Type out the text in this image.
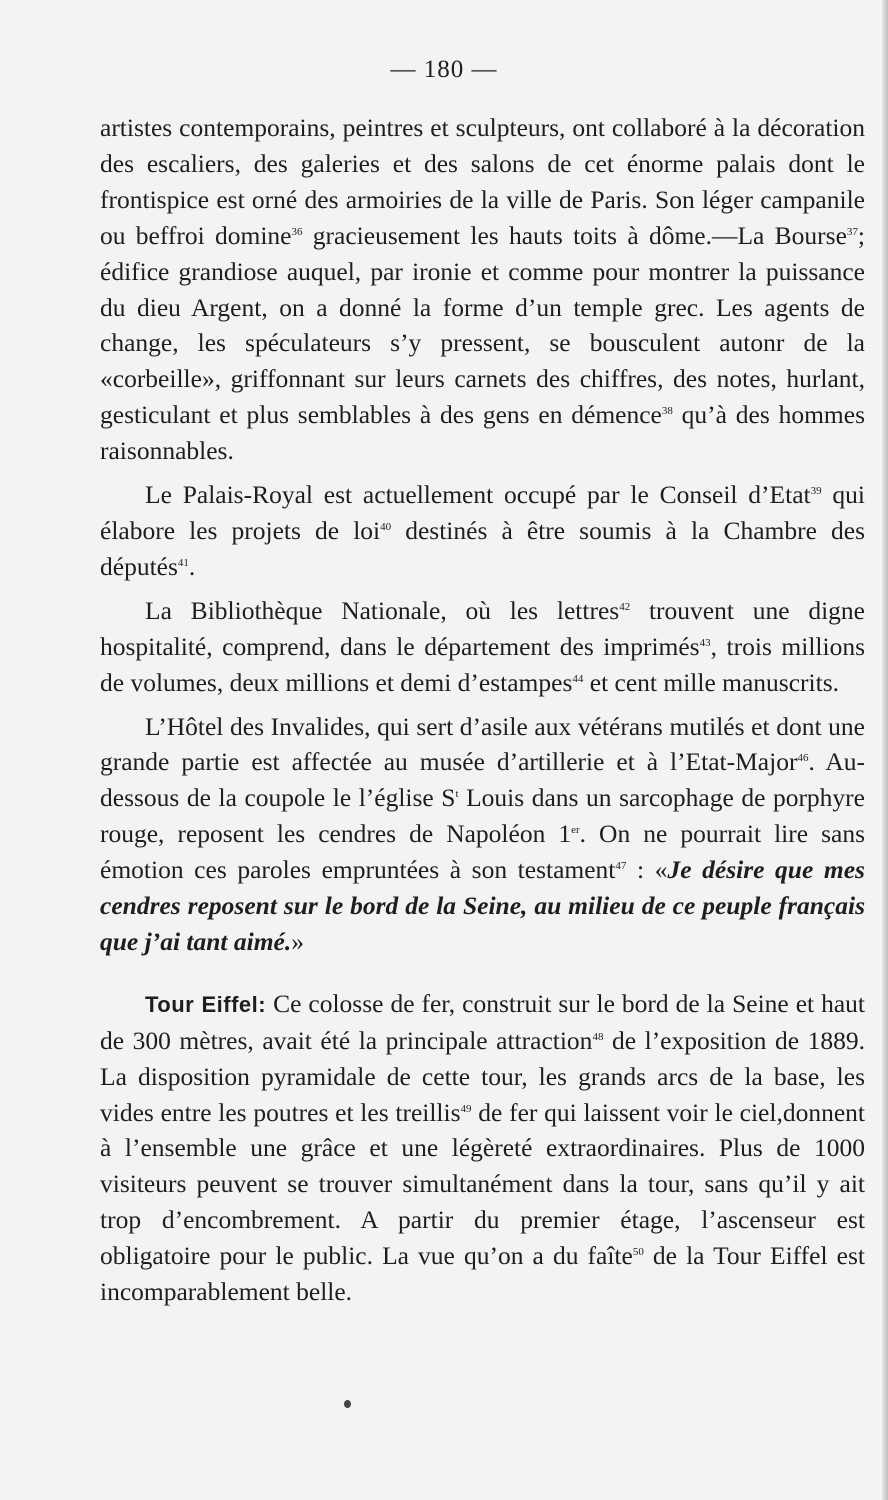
— 180 —

artistes contemporains, peintres et sculpteurs, ont collaboré à la décoration des escaliers, des galeries et des salons de cet énorme palais dont le frontispice est orné des armoiries de la ville de Paris. Son léger campanile ou beffroi domine$^{36}$ gracieusement les hauts toits à dôme.—La Bourse$^{37}$; édifice grandiose auquel, par ironie et comme pour montrer la puissance du dieu Argent, on a donné la forme d’un temple grec. Les agents de change, les spéculateurs s’y pressent, se bousculent autonr de la «corbeille», griffonnant sur leurs carnets des chiffres, des notes, hurlant, gesticulant et plus semblables à des gens en démence$^{38}$ qu’à des hommes raisonnables.

Le Palais-Royal est actuellement occupé par le Conseil d’Etat$^{39}$ qui élabore les projets de loi$^{40}$ destinés à être soumis à la Chambre des députés$^{41}$.

La Bibliothèque Nationale, où les lettres$^{42}$ trouvent une digne hospitalité, comprend, dans le département des imprimés$^{43}$, trois millions de volumes, deux millions et demi d’estampes$^{44}$ et cent mille manuscrits.

L’Hôtel des Invalides, qui sert d’asile aux vétérans mutilés et dont une grande partie est affectée au musée d’artillerie et à l’Etat-Major$^{46}$. Au-dessous de la coupole le l’église $S^t$ Louis dans un sarcophage de porphyre rouge, reposent les cendres de Napoléon 1er. On ne pourrait lire sans émotion ces paroles empruntées à son testament$^{47}$ : «Je désire que mes cendres reposent sur le bord de la Seine, au milieu de ce peuple français que j’ai tant aimé.»

Tour Eiffel: Ce colosse de fer, construit sur le bord de la Seine et haut de 300 mètres, avait été la principale attraction$^{48}$ de l’exposition de 1889. La disposition pyramidale de cette tour, les grands arcs de la base, les vides entre les poutres et les treillis$^{49}$ de fer qui laissent voir le ciel,donnent à l’ensemble une grâce et une légèreté extraordinaires. Plus de 1000 visiteurs peuvent se trouver simultanément dans la tour, sans qu’il y ait trop d’encombrement. A partir du premier étage, l’ascenseur est obligatoire pour le public. La vue qu’on a du faîte$^{50}$ de la Tour Eiffel est incomparablement belle.
